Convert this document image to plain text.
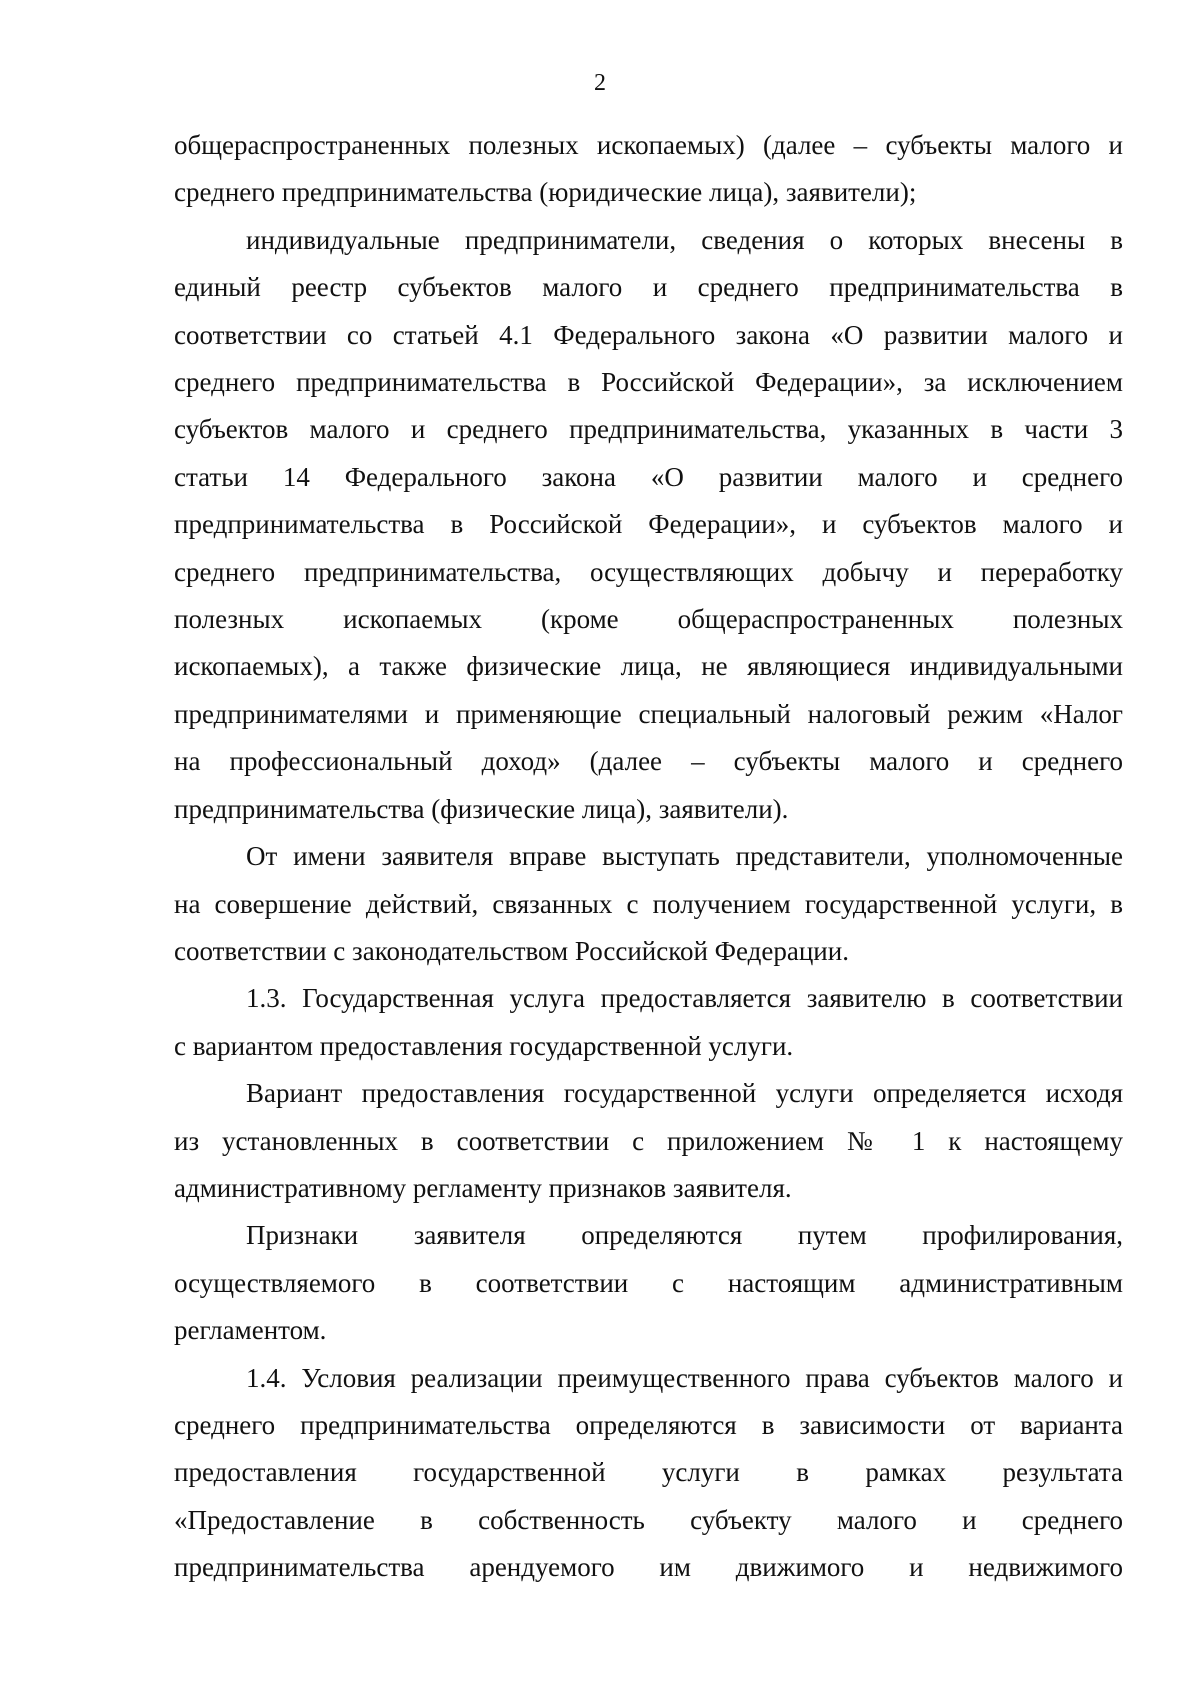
2
общераспространенных полезных ископаемых) (далее – субъекты малого и
среднего предпринимательства (юридические лица), заявители);
индивидуальные предприниматели, сведения о которых внесены в
единый реестр субъектов малого и среднего предпринимательства в
соответствии со статьей 4.1 Федерального закона «О развитии малого и
среднего предпринимательства в Российской Федерации», за исключением
субъектов малого и среднего предпринимательства, указанных в части 3
статьи 14 Федерального закона «О развитии малого и среднего
предпринимательства в Российской Федерации», и субъектов малого и
среднего предпринимательства, осуществляющих добычу и переработку
полезных ископаемых (кроме общераспространенных полезных
ископаемых), а также физические лица, не являющиеся индивидуальными
предпринимателями и применяющие специальный налоговый режим «Налог
на профессиональный доход» (далее – субъекты малого и среднего
предпринимательства (физические лица), заявители).
От имени заявителя вправе выступать представители, уполномоченные
на совершение действий, связанных с получением государственной услуги, в
соответствии с законодательством Российской Федерации.
1.3. Государственная услуга предоставляется заявителю в соответствии
с вариантом предоставления государственной услуги.
Вариант предоставления государственной услуги определяется исходя
из установленных в соответствии с приложением № 1 к настоящему
административному регламенту признаков заявителя.
Признаки заявителя определяются путем профилирования,
осуществляемого в соответствии с настоящим административным
регламентом.
1.4. Условия реализации преимущественного права субъектов малого и
среднего предпринимательства определяются в зависимости от варианта
предоставления государственной услуги в рамках результата
«Предоставление в собственность субъекту малого и среднего
предпринимательства арендуемого им движимого и недвижимого
